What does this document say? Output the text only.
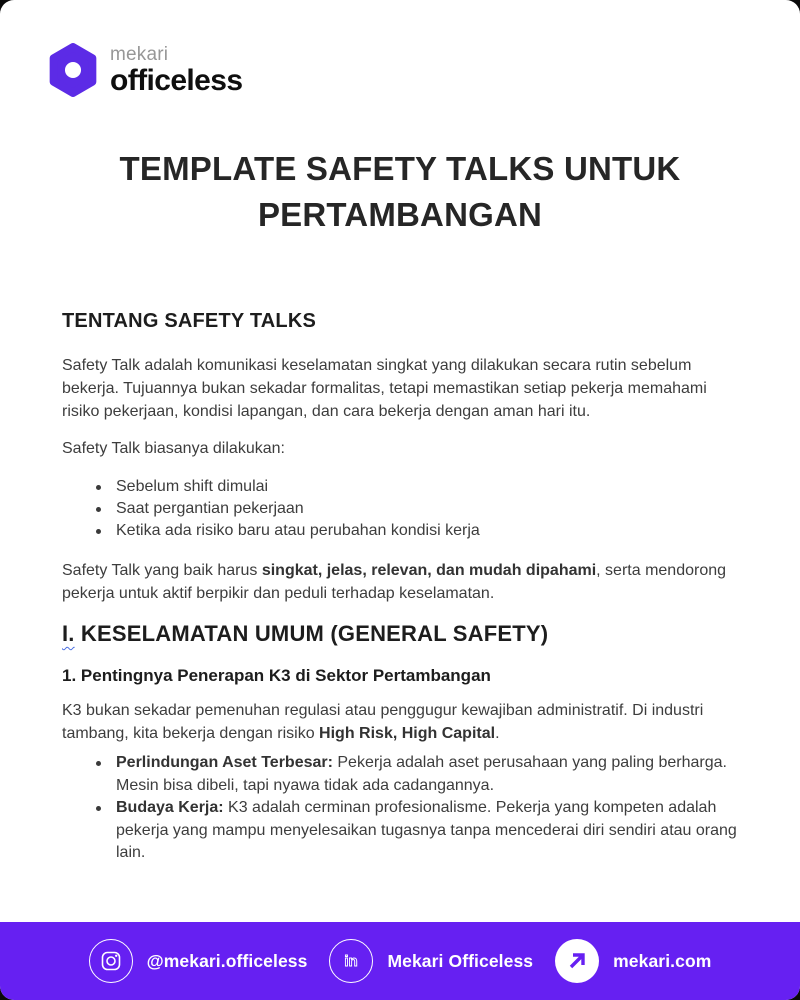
mekari
officeless
TEMPLATE SAFETY TALKS UNTUK PERTAMBANGAN
TENTANG SAFETY TALKS

Safety Talk adalah komunikasi keselamatan singkat yang dilakukan secara rutin sebelum bekerja. Tujuannya bukan sekadar formalitas, tetapi memastikan setiap pekerja memahami risiko pekerjaan, kondisi lapangan, dan cara bekerja dengan aman hari itu.

Safety Talk biasanya dilakukan:

Sebelum shift dimulai
Saat pergantian pekerjaan
Ketika ada risiko baru atau perubahan kondisi kerja

Safety Talk yang baik harus singkat, jelas, relevan, dan mudah dipahami, serta mendorong pekerja untuk aktif berpikir dan peduli terhadap keselamatan.

I. KESELAMATAN UMUM (GENERAL SAFETY)
1. Pentingnya Penerapan K3 di Sektor Pertambangan

K3 bukan sekadar pemenuhan regulasi atau penggugur kewajiban administratif. Di industri tambang, kita bekerja dengan risiko High Risk, High Capital.

Perlindungan Aset Terbesar: Pekerja adalah aset perusahaan yang paling berharga. Mesin bisa dibeli, tapi nyawa tidak ada cadangannya.
Budaya Kerja: K3 adalah cerminan profesionalisme. Pekerja yang kompeten adalah pekerja yang mampu menyelesaikan tugasnya tanpa mencederai diri sendiri atau orang lain.
@mekari.officeless in Mekari Officeless	mekari.com
